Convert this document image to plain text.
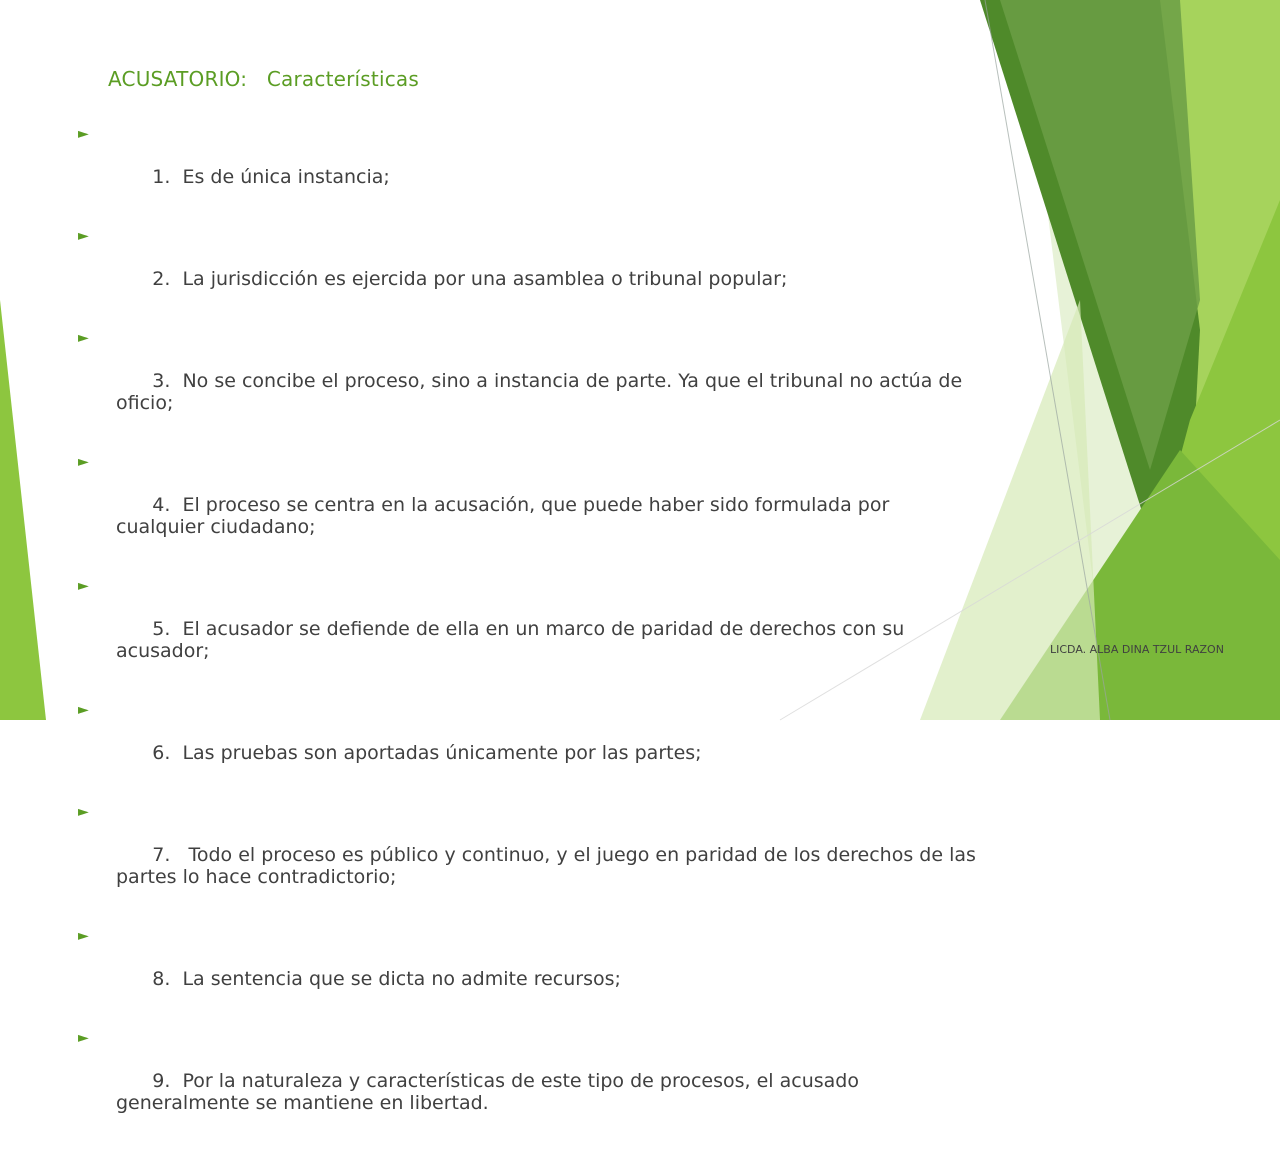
ACUSATORIO:   Características

►

1.  Es de única instancia;

►

2.  La jurisdicción es ejercida por una asamblea o tribunal popular;

►

3.  No se concibe el proceso, sino a instancia de parte. Ya que el tribunal no actúa de oficio;

►

4.  El proceso se centra en la acusación, que puede haber sido formulada por cualquier ciudadano;

►

5.  El acusador se defiende de ella en un marco de paridad de derechos con su acusador;

►

6.  Las pruebas son aportadas únicamente por las partes;

►

7.   Todo el proceso es público y continuo, y el juego en paridad de los derechos de las partes lo hace contradictorio;

►

8.  La sentencia que se dicta no admite recursos;

►

9.  Por la naturaleza y características de este tipo de procesos, el acusado generalmente se mantiene en libertad.

LICDA. ALBA DINA TZUL RAZON
